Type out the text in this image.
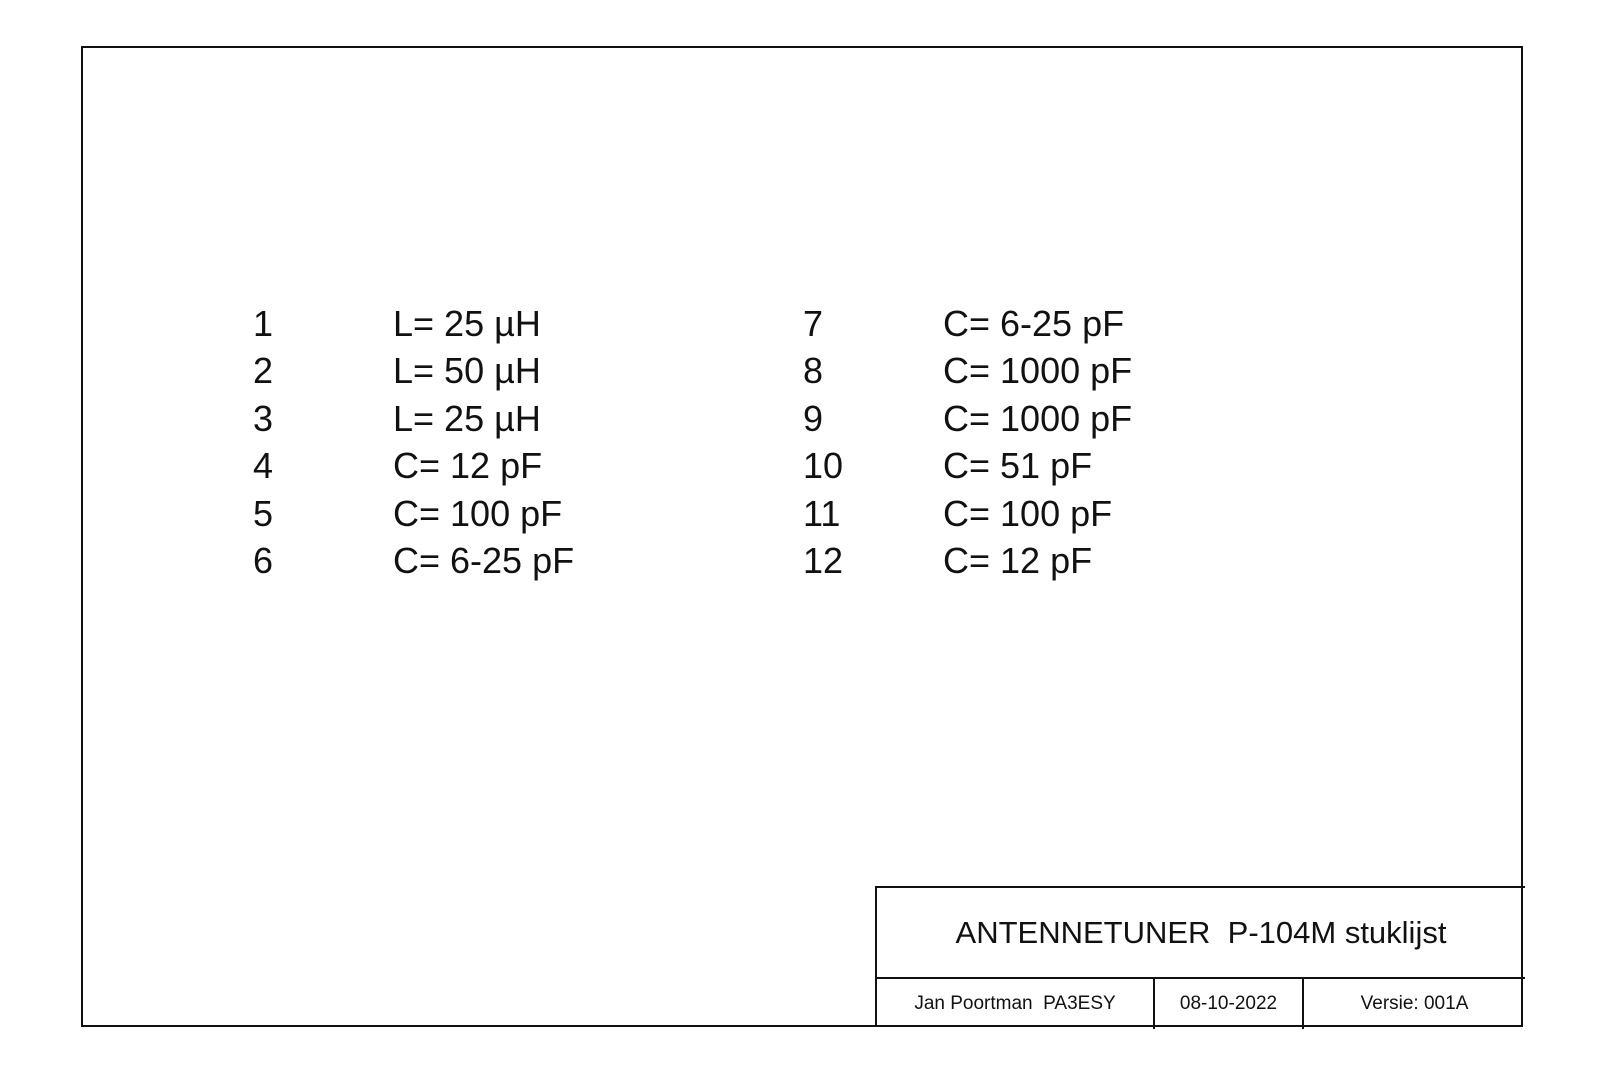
1	L= 25 µH
2	L= 50 µH
3	L= 25 µH
4	C= 12 pF
5	C= 100 pF
6	C= 6-25 pF
7	C= 6-25 pF
8	C= 1000 pF
9	C= 1000 pF
10	C= 51 pF
11	C= 100 pF
12	C= 12 pF
ANTENNETUNER  P-104M stuklijst
Jan Poortman  PA3ESY	08-10-2022	Versie: 001A
